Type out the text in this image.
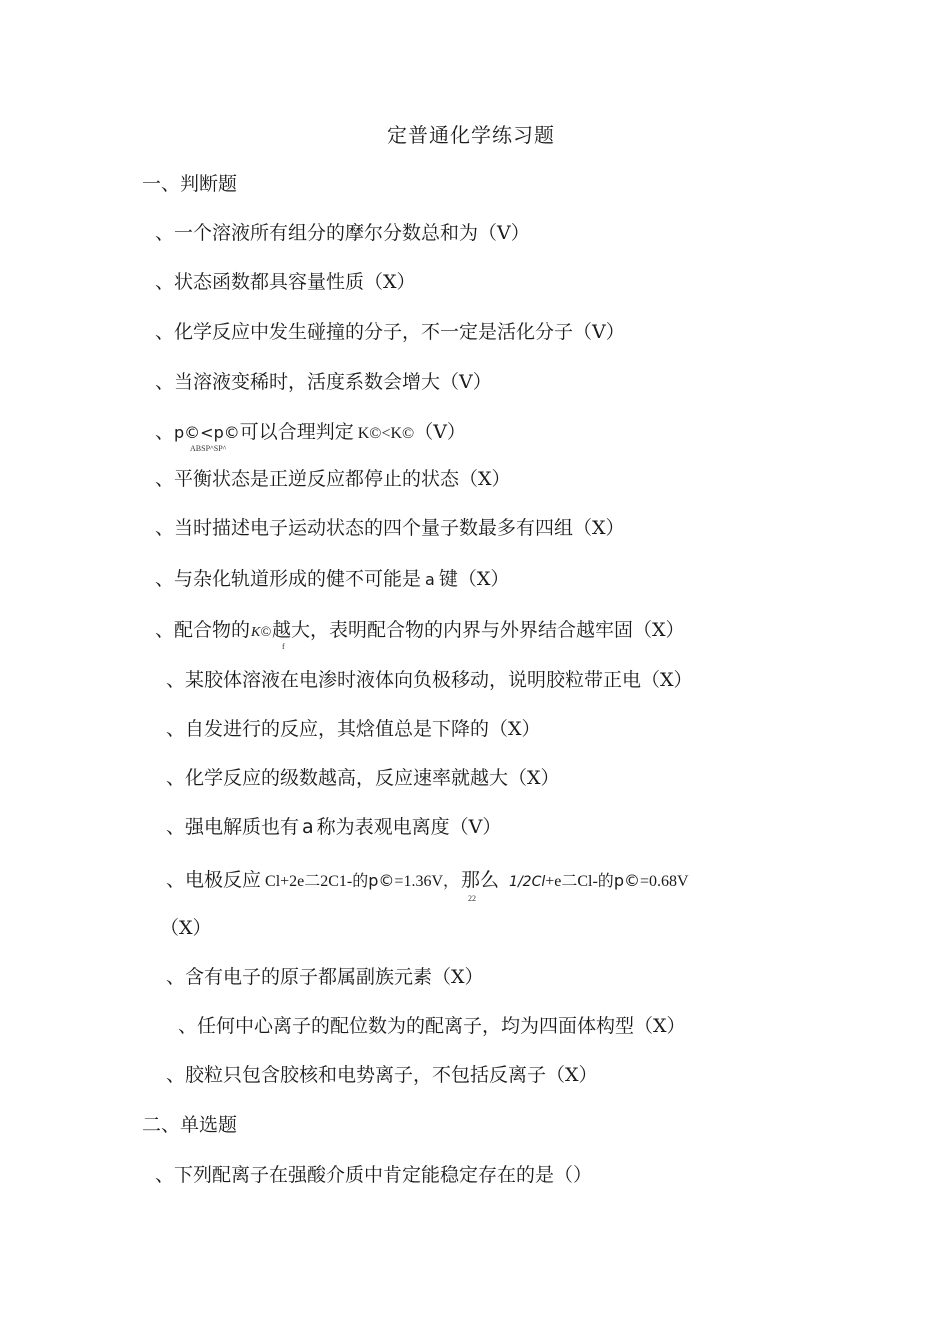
定普通化学练习题
一、判断题
、一个溶液所有组分的摩尔分数总和为（V）
、状态函数都具容量性质（X）
、化学反应中发生碰撞的分子，不一定是活化分子（V）
、当溶液变稀时，活度系数会增大（V）
、p©<p©可以合理判定 K©<K©（V）
ABSP^SP^
、平衡状态是正逆反应都停止的状态（X）
、当时描述电子运动状态的四个量子数最多有四组（X）
、与杂化轨道形成的健不可能是 a 键（X）
、配合物的K©越大，表明配合物的内界与外界结合越牢固（X）
f
、某胶体溶液在电渗时液体向负极移动，说明胶粒带正电（X）
、自发进行的反应，其焓值总是下降的（X）
、化学反应的级数越高，反应速率就越大（X）
、强电解质也有 a 称为表观电离度（V）
、电极反应 Cl+2e二2C1-的p©=1.36V， 那么 1/2Cl+e二Cl-的p©=0.68V
22
（X）
、含有电子的原子都属副族元素（X）
、任何中心离子的配位数为的配离子，均为四面体构型（X）
、胶粒只包含胶核和电势离子，不包括反离子（X）
二、单选题
、下列配离子在强酸介质中肯定能稳定存在的是（）
